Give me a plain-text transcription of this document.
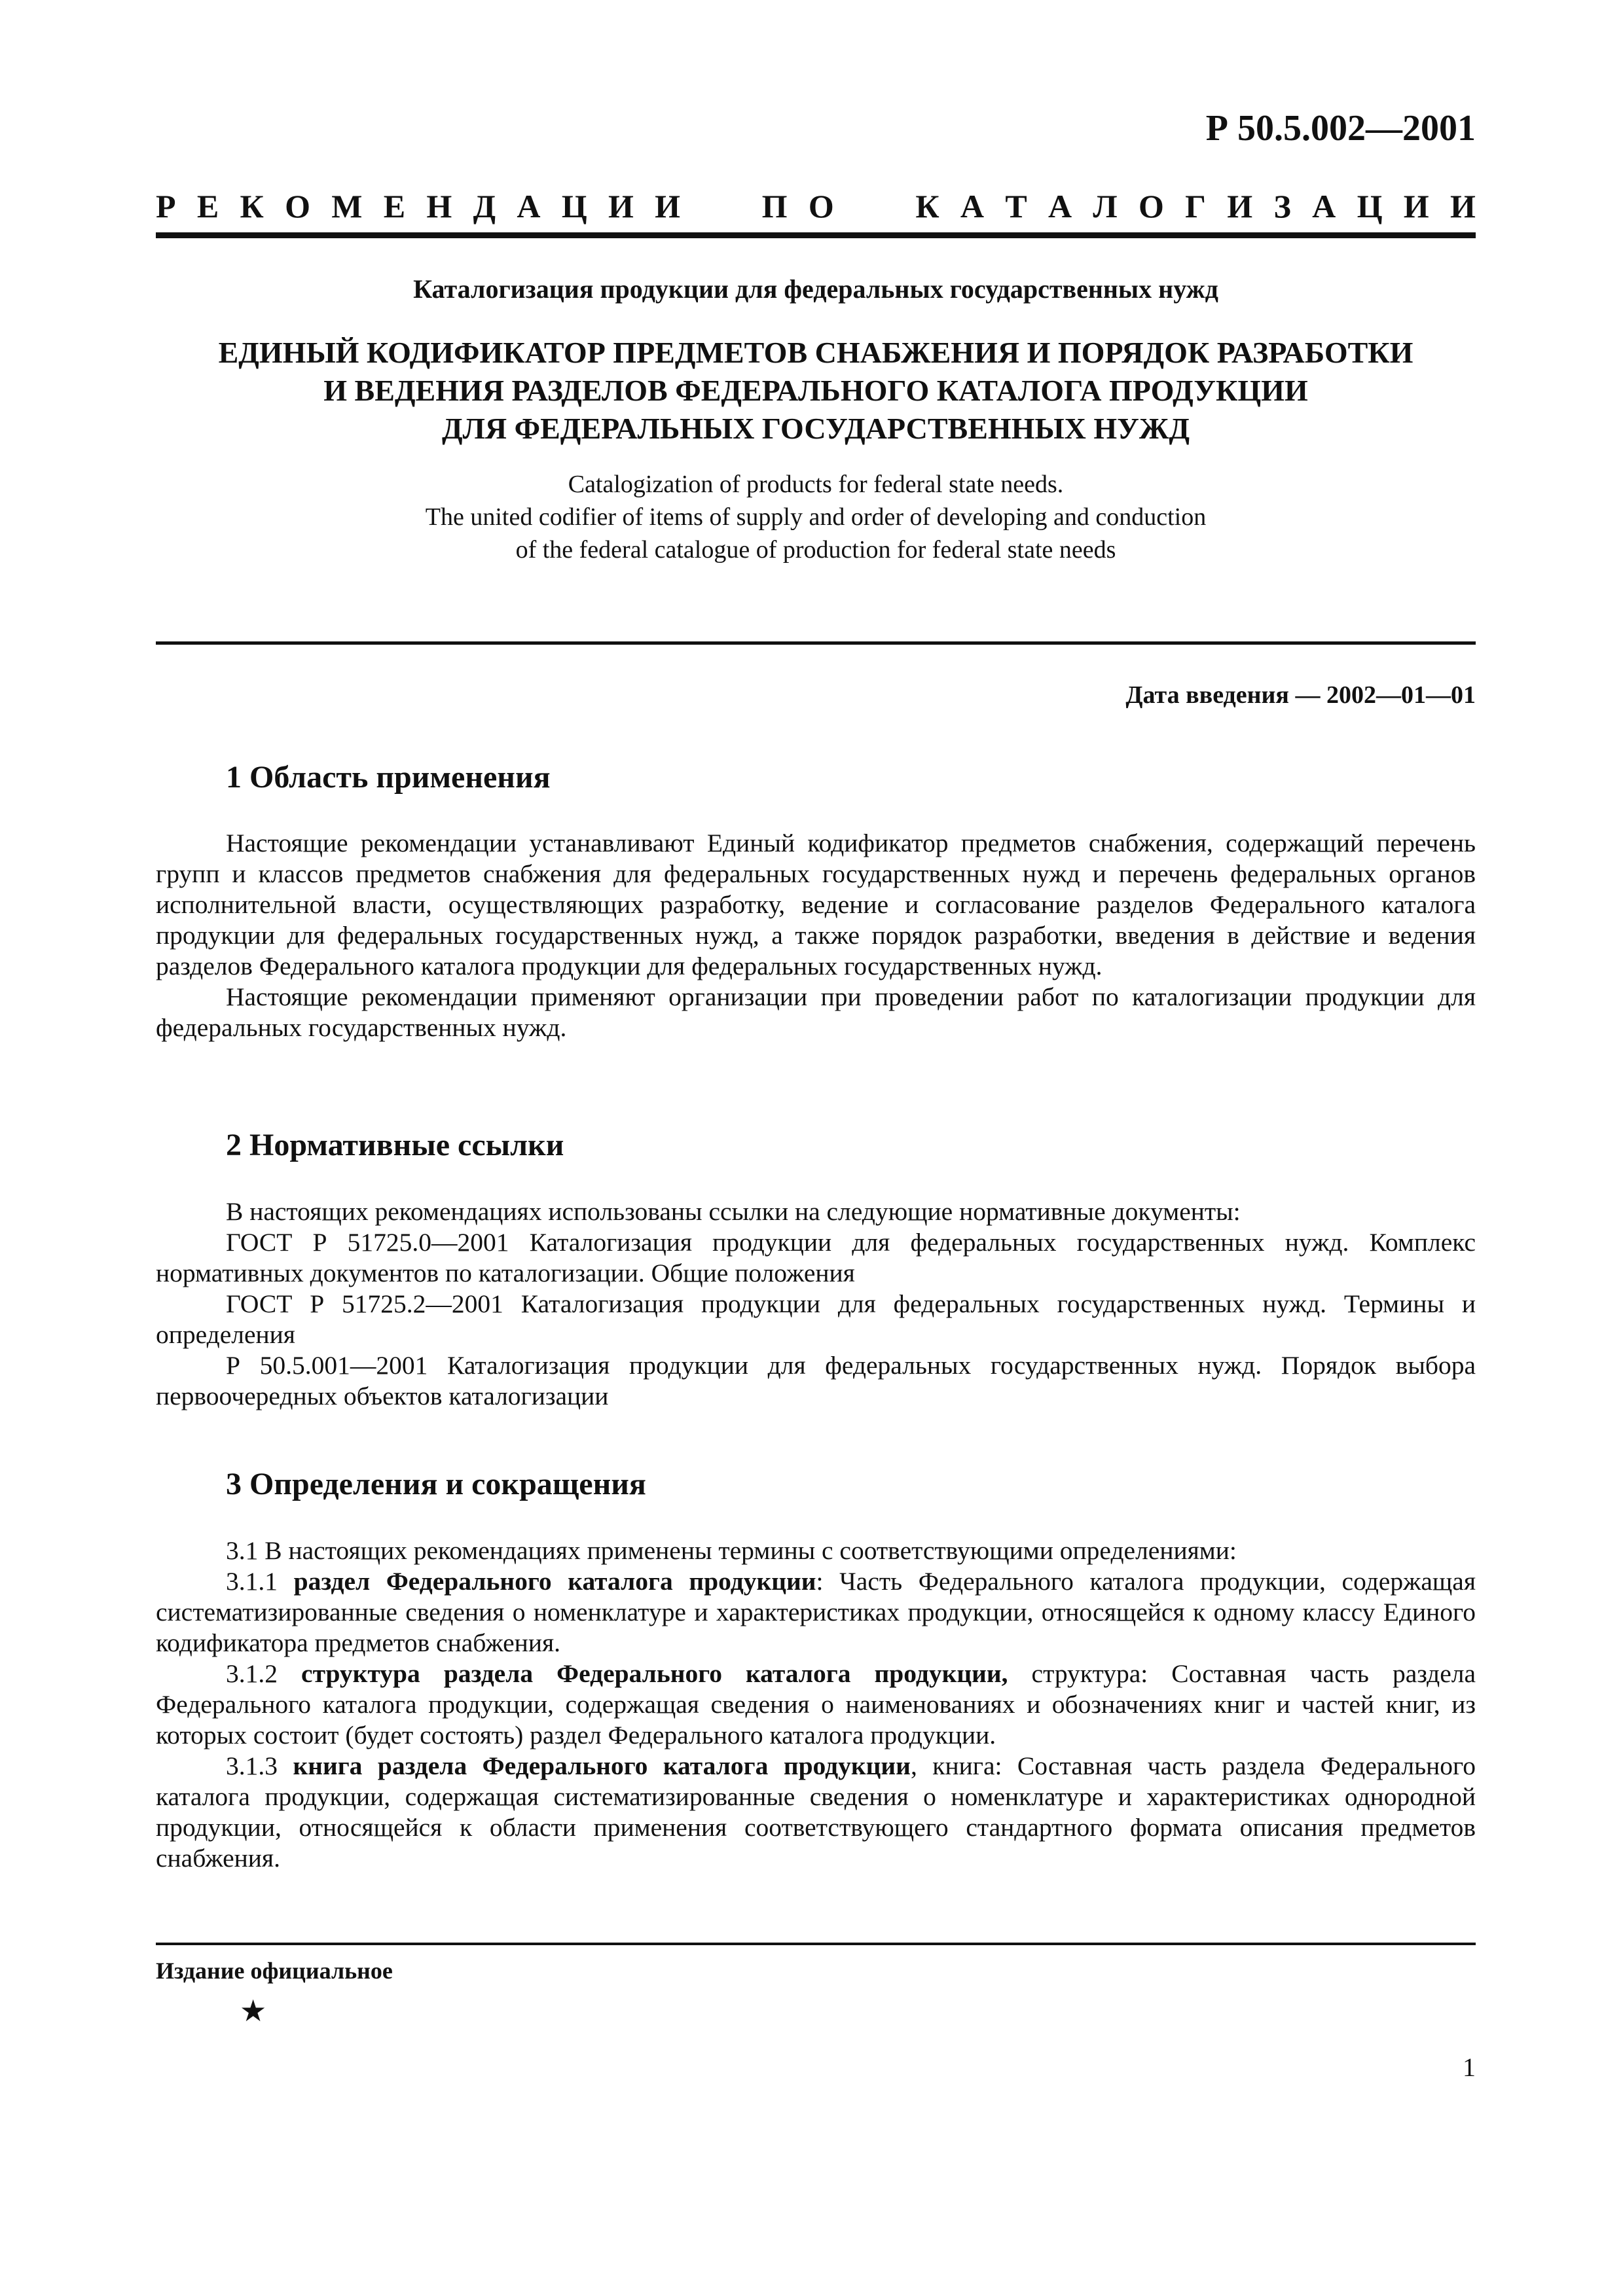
Р 50.5.002—2001
Р Е К О М Е Н Д А Ц И И П О К А Т А Л О Г И З А Ц И И
Каталогизация продукции для федеральных государственных нужд
ЕДИНЫЙ КОДИФИКАТОР ПРЕДМЕТОВ СНАБЖЕНИЯ И ПОРЯДОК РАЗРАБОТКИ
И ВЕДЕНИЯ РАЗДЕЛОВ ФЕДЕРАЛЬНОГО КАТАЛОГА ПРОДУКЦИИ
ДЛЯ ФЕДЕРАЛЬНЫХ ГОСУДАРСТВЕННЫХ НУЖД
Catalogization of products for federal state needs.
The united codifier of items of supply and order of developing and conduction
of the federal catalogue of production for federal state needs
Дата введения — 2002—01—01
1 Область применения

Настоящие рекомендации устанавливают Единый кодификатор предметов снабжения, содержащий перечень групп и классов предметов снабжения для федеральных государственных нужд и перечень федеральных органов исполнительной власти, осуществляющих разработку, ведение и согласование разделов Федерального каталога продукции для федеральных государственных нужд, а также порядок разработки, введения в действие и ведения разделов Федерального каталога продукции для федеральных государственных нужд.

Настоящие рекомендации применяют организации при проведении работ по каталогизации продукции для федеральных государственных нужд.

2 Нормативные ссылки

В настоящих рекомендациях использованы ссылки на следующие нормативные документы:

ГОСТ Р 51725.0—2001 Каталогизация продукции для федеральных государственных нужд. Комплекс нормативных документов по каталогизации. Общие положения

ГОСТ Р 51725.2—2001 Каталогизация продукции для федеральных государственных нужд. Термины и определения

Р 50.5.001—2001 Каталогизация продукции для федеральных государственных нужд. Порядок выбора первоочередных объектов каталогизации

3 Определения и сокращения

3.1 В настоящих рекомендациях применены термины с соответствующими определениями:

3.1.1 раздел Федерального каталога продукции: Часть Федерального каталога продукции, содержащая систематизированные сведения о номенклатуре и характеристиках продукции, относящейся к одному классу Единого кодификатора предметов снабжения.

3.1.2 структура раздела Федерального каталога продукции, структура: Составная часть раздела Федерального каталога продукции, содержащая сведения о наименованиях и обозначениях книг и частей книг, из которых состоит (будет состоять) раздел Федерального каталога продукции.

3.1.3 книга раздела Федерального каталога продукции, книга: Составная часть раздела Федерального каталога продукции, содержащая систематизированные сведения о номенклатуре и характеристиках однородной продукции, относящейся к области применения соответствующего стандартного формата описания предметов снабжения.

Издание официальное
★
1
